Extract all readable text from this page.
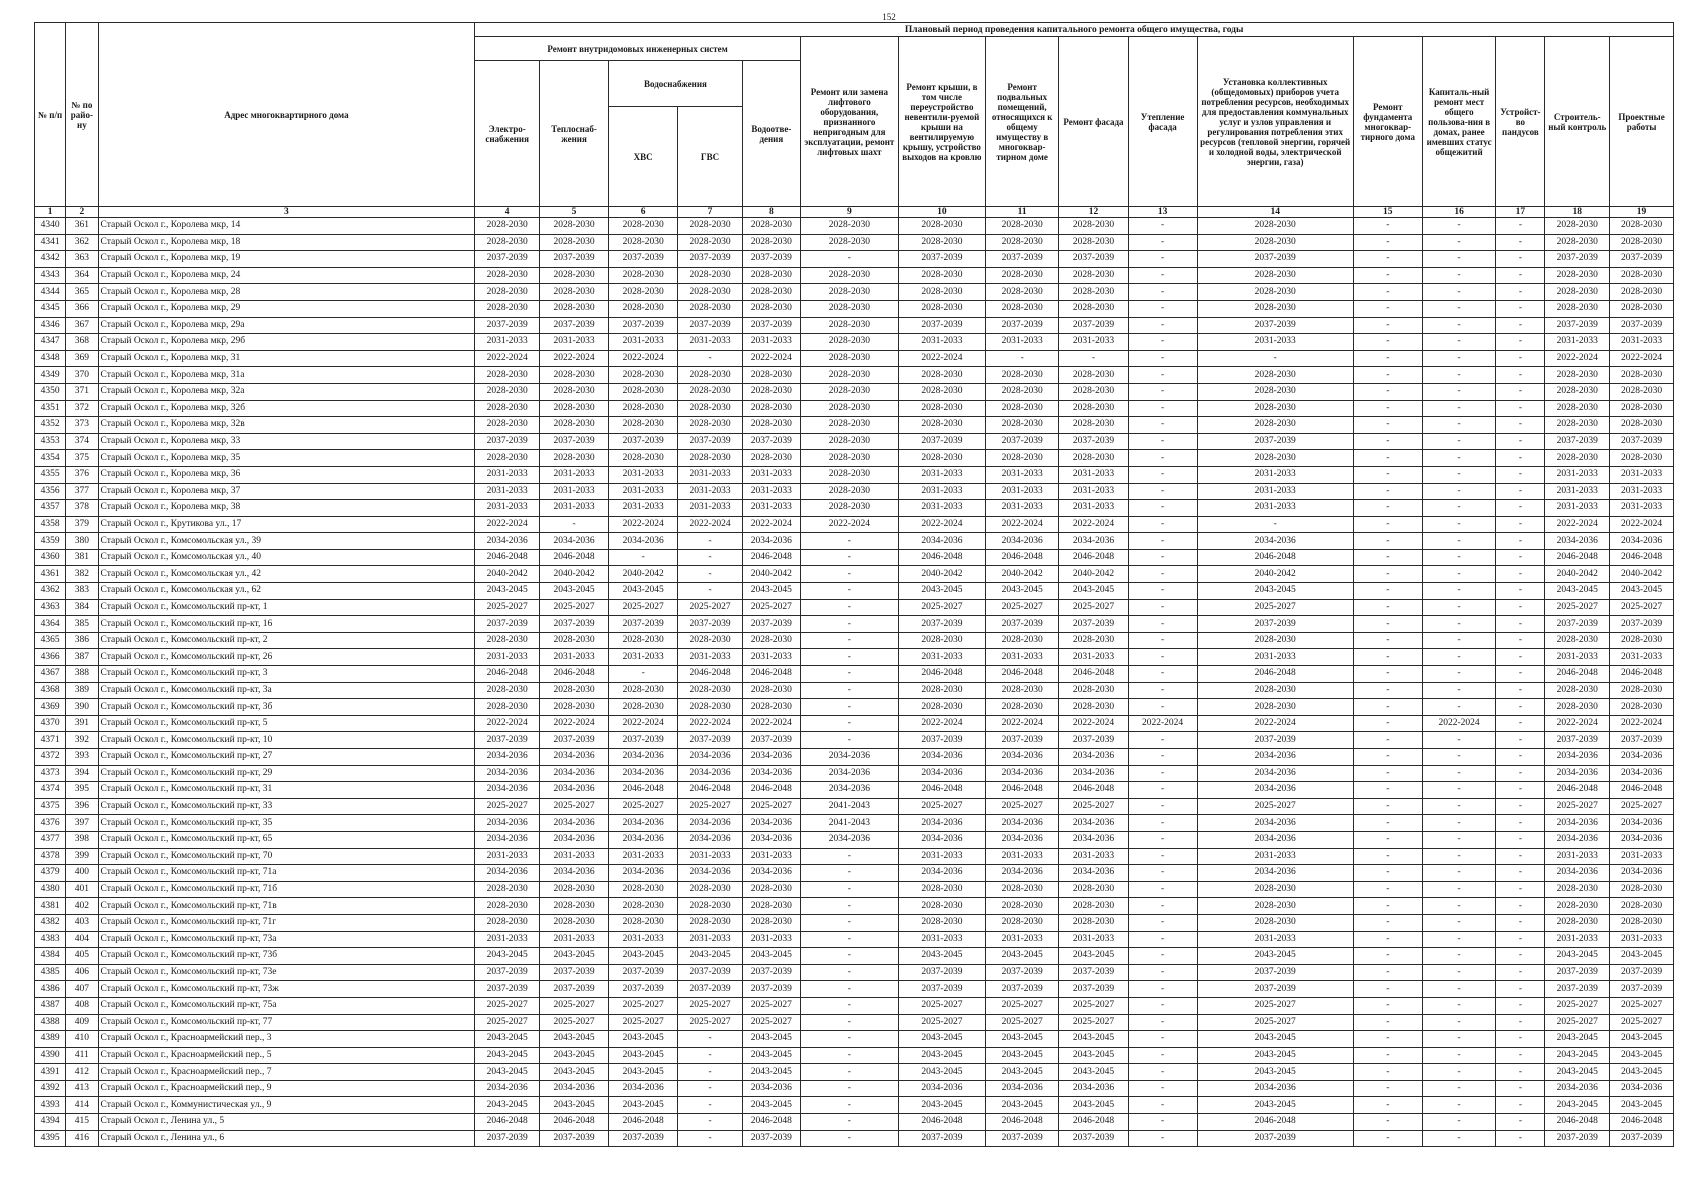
152
№ п/п	№ по райо-ну	Адрес многоквартирного дома	Плановый период проведения капитального ремонта общего имущества, годы															
			Ремонт внутридомовых инженерных систем					Ремонт или замена лифтового оборудования, признанного непригодным для эксплуатации, ремонт лифтовых шахт	Ремонт крыши, в том числе переустройство невентили-руемой крыши на вентилируемую крышу, устройство выходов на кровлю	Ремонт подвальных помещений, относящихся к общему имуществу в многоквар-тирном доме	Ремонт фасада	Утепление фасада	Установка коллективных (общедомовых) приборов учета потребления ресурсов, необходимых для предоставления коммунальных услуг и узлов управления и регулирования потребления этих ресурсов (тепловой энергии, горячей и холодной воды, электрической энергии, газа)	Ремонт фундамента многоквар-тирного дома	Капиталь-ный ремонт мест общего пользова-ния в домах, ранее имевших статус общежитий	Устройст-во пандусов	Строитель-ный контроль	Проектные работы
			Электро-снабжения	Теплоснаб-жения	Водоснабжения		Водоотве-дения											
					ХВС	ГВС												
1	2	3	4	5	6	7	8	9	10	11	12	13	14	15	16	17	18	19
4340	361	Старый Оскол г., Королева мкр, 14	2028-2030	2028-2030	2028-2030	2028-2030	2028-2030	2028-2030	2028-2030	2028-2030	2028-2030	-	2028-2030	-	-	-	2028-2030	2028-2030
4341	362	Старый Оскол г., Королева мкр, 18	2028-2030	2028-2030	2028-2030	2028-2030	2028-2030	2028-2030	2028-2030	2028-2030	2028-2030	-	2028-2030	-	-	-	2028-2030	2028-2030
4342	363	Старый Оскол г., Королева мкр, 19	2037-2039	2037-2039	2037-2039	2037-2039	2037-2039	-	2037-2039	2037-2039	2037-2039	-	2037-2039	-	-	-	2037-2039	2037-2039
4343	364	Старый Оскол г., Королева мкр, 24	2028-2030	2028-2030	2028-2030	2028-2030	2028-2030	2028-2030	2028-2030	2028-2030	2028-2030	-	2028-2030	-	-	-	2028-2030	2028-2030
4344	365	Старый Оскол г., Королева мкр, 28	2028-2030	2028-2030	2028-2030	2028-2030	2028-2030	2028-2030	2028-2030	2028-2030	2028-2030	-	2028-2030	-	-	-	2028-2030	2028-2030
4345	366	Старый Оскол г., Королева мкр, 29	2028-2030	2028-2030	2028-2030	2028-2030	2028-2030	2028-2030	2028-2030	2028-2030	2028-2030	-	2028-2030	-	-	-	2028-2030	2028-2030
4346	367	Старый Оскол г., Королева мкр, 29а	2037-2039	2037-2039	2037-2039	2037-2039	2037-2039	2028-2030	2037-2039	2037-2039	2037-2039	-	2037-2039	-	-	-	2037-2039	2037-2039
4347	368	Старый Оскол г., Королева мкр, 29б	2031-2033	2031-2033	2031-2033	2031-2033	2031-2033	2028-2030	2031-2033	2031-2033	2031-2033	-	2031-2033	-	-	-	2031-2033	2031-2033
4348	369	Старый Оскол г., Королева мкр, 31	2022-2024	2022-2024	2022-2024	-	2022-2024	2028-2030	2022-2024	-	-	-	-	-	-	-	2022-2024	2022-2024
4349	370	Старый Оскол г., Королева мкр, 31а	2028-2030	2028-2030	2028-2030	2028-2030	2028-2030	2028-2030	2028-2030	2028-2030	2028-2030	-	2028-2030	-	-	-	2028-2030	2028-2030
4350	371	Старый Оскол г., Королева мкр, 32а	2028-2030	2028-2030	2028-2030	2028-2030	2028-2030	2028-2030	2028-2030	2028-2030	2028-2030	-	2028-2030	-	-	-	2028-2030	2028-2030
4351	372	Старый Оскол г., Королева мкр, 32б	2028-2030	2028-2030	2028-2030	2028-2030	2028-2030	2028-2030	2028-2030	2028-2030	2028-2030	-	2028-2030	-	-	-	2028-2030	2028-2030
4352	373	Старый Оскол г., Королева мкр, 32в	2028-2030	2028-2030	2028-2030	2028-2030	2028-2030	2028-2030	2028-2030	2028-2030	2028-2030	-	2028-2030	-	-	-	2028-2030	2028-2030
4353	374	Старый Оскол г., Королева мкр, 33	2037-2039	2037-2039	2037-2039	2037-2039	2037-2039	2028-2030	2037-2039	2037-2039	2037-2039	-	2037-2039	-	-	-	2037-2039	2037-2039
4354	375	Старый Оскол г., Королева мкр, 35	2028-2030	2028-2030	2028-2030	2028-2030	2028-2030	2028-2030	2028-2030	2028-2030	2028-2030	-	2028-2030	-	-	-	2028-2030	2028-2030
4355	376	Старый Оскол г., Королева мкр, 36	2031-2033	2031-2033	2031-2033	2031-2033	2031-2033	2028-2030	2031-2033	2031-2033	2031-2033	-	2031-2033	-	-	-	2031-2033	2031-2033
4356	377	Старый Оскол г., Королева мкр, 37	2031-2033	2031-2033	2031-2033	2031-2033	2031-2033	2028-2030	2031-2033	2031-2033	2031-2033	-	2031-2033	-	-	-	2031-2033	2031-2033
4357	378	Старый Оскол г., Королева мкр, 38	2031-2033	2031-2033	2031-2033	2031-2033	2031-2033	2028-2030	2031-2033	2031-2033	2031-2033	-	2031-2033	-	-	-	2031-2033	2031-2033
4358	379	Старый Оскол г., Крутикова ул., 17	2022-2024	-	2022-2024	2022-2024	2022-2024	2022-2024	2022-2024	2022-2024	2022-2024	-	-	-	-	-	2022-2024	2022-2024
4359	380	Старый Оскол г., Комсомольская ул., 39	2034-2036	2034-2036	2034-2036	-	2034-2036	-	2034-2036	2034-2036	2034-2036	-	2034-2036	-	-	-	2034-2036	2034-2036
4360	381	Старый Оскол г., Комсомольская ул., 40	2046-2048	2046-2048	-	-	2046-2048	-	2046-2048	2046-2048	2046-2048	-	2046-2048	-	-	-	2046-2048	2046-2048
4361	382	Старый Оскол г., Комсомольская ул., 42	2040-2042	2040-2042	2040-2042	-	2040-2042	-	2040-2042	2040-2042	2040-2042	-	2040-2042	-	-	-	2040-2042	2040-2042
4362	383	Старый Оскол г., Комсомольская ул., 62	2043-2045	2043-2045	2043-2045	-	2043-2045	-	2043-2045	2043-2045	2043-2045	-	2043-2045	-	-	-	2043-2045	2043-2045
4363	384	Старый Оскол г., Комсомольский пр-кт, 1	2025-2027	2025-2027	2025-2027	2025-2027	2025-2027	-	2025-2027	2025-2027	2025-2027	-	2025-2027	-	-	-	2025-2027	2025-2027
4364	385	Старый Оскол г., Комсомольский пр-кт, 16	2037-2039	2037-2039	2037-2039	2037-2039	2037-2039	-	2037-2039	2037-2039	2037-2039	-	2037-2039	-	-	-	2037-2039	2037-2039
4365	386	Старый Оскол г., Комсомольский пр-кт, 2	2028-2030	2028-2030	2028-2030	2028-2030	2028-2030	-	2028-2030	2028-2030	2028-2030	-	2028-2030	-	-	-	2028-2030	2028-2030
4366	387	Старый Оскол г., Комсомольский пр-кт, 26	2031-2033	2031-2033	2031-2033	2031-2033	2031-2033	-	2031-2033	2031-2033	2031-2033	-	2031-2033	-	-	-	2031-2033	2031-2033
4367	388	Старый Оскол г., Комсомольский пр-кт, 3	2046-2048	2046-2048	-	2046-2048	2046-2048	-	2046-2048	2046-2048	2046-2048	-	2046-2048	-	-	-	2046-2048	2046-2048
4368	389	Старый Оскол г., Комсомольский пр-кт, 3а	2028-2030	2028-2030	2028-2030	2028-2030	2028-2030	-	2028-2030	2028-2030	2028-2030	-	2028-2030	-	-	-	2028-2030	2028-2030
4369	390	Старый Оскол г., Комсомольский пр-кт, 3б	2028-2030	2028-2030	2028-2030	2028-2030	2028-2030	-	2028-2030	2028-2030	2028-2030	-	2028-2030	-	-	-	2028-2030	2028-2030
4370	391	Старый Оскол г., Комсомольский пр-кт, 5	2022-2024	2022-2024	2022-2024	2022-2024	2022-2024	-	2022-2024	2022-2024	2022-2024	2022-2024	2022-2024	-	2022-2024	-	2022-2024	2022-2024
4371	392	Старый Оскол г., Комсомольский пр-кт, 10	2037-2039	2037-2039	2037-2039	2037-2039	2037-2039	-	2037-2039	2037-2039	2037-2039	-	2037-2039	-	-	-	2037-2039	2037-2039
4372	393	Старый Оскол г., Комсомольский пр-кт, 27	2034-2036	2034-2036	2034-2036	2034-2036	2034-2036	2034-2036	2034-2036	2034-2036	2034-2036	-	2034-2036	-	-	-	2034-2036	2034-2036
4373	394	Старый Оскол г., Комсомольский пр-кт, 29	2034-2036	2034-2036	2034-2036	2034-2036	2034-2036	2034-2036	2034-2036	2034-2036	2034-2036	-	2034-2036	-	-	-	2034-2036	2034-2036
4374	395	Старый Оскол г., Комсомольский пр-кт, 31	2034-2036	2034-2036	2046-2048	2046-2048	2046-2048	2034-2036	2046-2048	2046-2048	2046-2048	-	2034-2036	-	-	-	2046-2048	2046-2048
4375	396	Старый Оскол г., Комсомольский пр-кт, 33	2025-2027	2025-2027	2025-2027	2025-2027	2025-2027	2041-2043	2025-2027	2025-2027	2025-2027	-	2025-2027	-	-	-	2025-2027	2025-2027
4376	397	Старый Оскол г., Комсомольский пр-кт, 35	2034-2036	2034-2036	2034-2036	2034-2036	2034-2036	2041-2043	2034-2036	2034-2036	2034-2036	-	2034-2036	-	-	-	2034-2036	2034-2036
4377	398	Старый Оскол г., Комсомольский пр-кт, 65	2034-2036	2034-2036	2034-2036	2034-2036	2034-2036	2034-2036	2034-2036	2034-2036	2034-2036	-	2034-2036	-	-	-	2034-2036	2034-2036
4378	399	Старый Оскол г., Комсомольский пр-кт, 70	2031-2033	2031-2033	2031-2033	2031-2033	2031-2033	-	2031-2033	2031-2033	2031-2033	-	2031-2033	-	-	-	2031-2033	2031-2033
4379	400	Старый Оскол г., Комсомольский пр-кт, 71а	2034-2036	2034-2036	2034-2036	2034-2036	2034-2036	-	2034-2036	2034-2036	2034-2036	-	2034-2036	-	-	-	2034-2036	2034-2036
4380	401	Старый Оскол г., Комсомольский пр-кт, 71б	2028-2030	2028-2030	2028-2030	2028-2030	2028-2030	-	2028-2030	2028-2030	2028-2030	-	2028-2030	-	-	-	2028-2030	2028-2030
4381	402	Старый Оскол г., Комсомольский пр-кт, 71в	2028-2030	2028-2030	2028-2030	2028-2030	2028-2030	-	2028-2030	2028-2030	2028-2030	-	2028-2030	-	-	-	2028-2030	2028-2030
4382	403	Старый Оскол г., Комсомольский пр-кт, 71г	2028-2030	2028-2030	2028-2030	2028-2030	2028-2030	-	2028-2030	2028-2030	2028-2030	-	2028-2030	-	-	-	2028-2030	2028-2030
4383	404	Старый Оскол г., Комсомольский пр-кт, 73а	2031-2033	2031-2033	2031-2033	2031-2033	2031-2033	-	2031-2033	2031-2033	2031-2033	-	2031-2033	-	-	-	2031-2033	2031-2033
4384	405	Старый Оскол г., Комсомольский пр-кт, 73б	2043-2045	2043-2045	2043-2045	2043-2045	2043-2045	-	2043-2045	2043-2045	2043-2045	-	2043-2045	-	-	-	2043-2045	2043-2045
4385	406	Старый Оскол г., Комсомольский пр-кт, 73е	2037-2039	2037-2039	2037-2039	2037-2039	2037-2039	-	2037-2039	2037-2039	2037-2039	-	2037-2039	-	-	-	2037-2039	2037-2039
4386	407	Старый Оскол г., Комсомольский пр-кт, 73ж	2037-2039	2037-2039	2037-2039	2037-2039	2037-2039	-	2037-2039	2037-2039	2037-2039	-	2037-2039	-	-	-	2037-2039	2037-2039
4387	408	Старый Оскол г., Комсомольский пр-кт, 75а	2025-2027	2025-2027	2025-2027	2025-2027	2025-2027	-	2025-2027	2025-2027	2025-2027	-	2025-2027	-	-	-	2025-2027	2025-2027
4388	409	Старый Оскол г., Комсомольский пр-кт, 77	2025-2027	2025-2027	2025-2027	2025-2027	2025-2027	-	2025-2027	2025-2027	2025-2027	-	2025-2027	-	-	-	2025-2027	2025-2027
4389	410	Старый Оскол г., Красноармейский пер., 3	2043-2045	2043-2045	2043-2045	-	2043-2045	-	2043-2045	2043-2045	2043-2045	-	2043-2045	-	-	-	2043-2045	2043-2045
4390	411	Старый Оскол г., Красноармейский пер., 5	2043-2045	2043-2045	2043-2045	-	2043-2045	-	2043-2045	2043-2045	2043-2045	-	2043-2045	-	-	-	2043-2045	2043-2045
4391	412	Старый Оскол г., Красноармейский пер., 7	2043-2045	2043-2045	2043-2045	-	2043-2045	-	2043-2045	2043-2045	2043-2045	-	2043-2045	-	-	-	2043-2045	2043-2045
4392	413	Старый Оскол г., Красноармейский пер., 9	2034-2036	2034-2036	2034-2036	-	2034-2036	-	2034-2036	2034-2036	2034-2036	-	2034-2036	-	-	-	2034-2036	2034-2036
4393	414	Старый Оскол г., Коммунистическая ул., 9	2043-2045	2043-2045	2043-2045	-	2043-2045	-	2043-2045	2043-2045	2043-2045	-	2043-2045	-	-	-	2043-2045	2043-2045
4394	415	Старый Оскол г., Ленина ул., 5	2046-2048	2046-2048	2046-2048	-	2046-2048	-	2046-2048	2046-2048	2046-2048	-	2046-2048	-	-	-	2046-2048	2046-2048
4395	416	Старый Оскол г., Ленина ул., 6	2037-2039	2037-2039	2037-2039	-	2037-2039	-	2037-2039	2037-2039	2037-2039	-	2037-2039	-	-	-	2037-2039	2037-2039
